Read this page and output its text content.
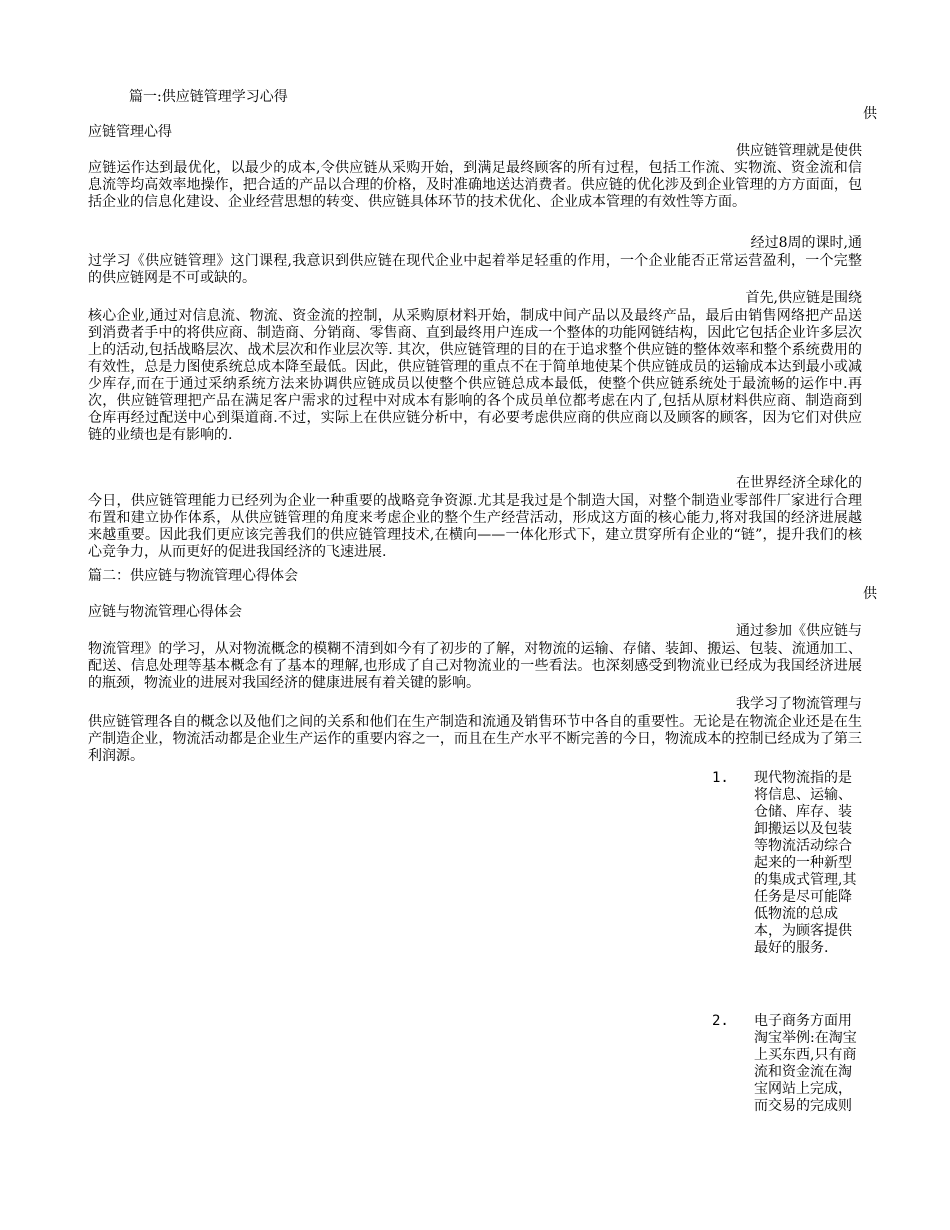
篇一:供应链管理学习心得
供
应链管理心得
供应链管理就是使供
应链运作达到最优化，以最少的成本,令供应链从采购开始，到满足最终顾客的所有过程，包括工作流、实物流、资金流和信息流等均高效率地操作，把合适的产品以合理的价格，及时准确地送达消费者。供应链的优化涉及到企业管理的方方面面，包括企业的信息化建设、企业经营思想的转变、供应链具体环节的技术优化、企业成本管理的有效性等方面。
经过8周的课时,通
过学习《供应链管理》这门课程,我意识到供应链在现代企业中起着举足轻重的作用，一个企业能否正常运营盈利，一个完整的供应链网是不可或缺的。
首先,供应链是围绕
核心企业,通过对信息流、物流、资金流的控制，从采购原材料开始，制成中间产品以及最终产品，最后由销售网络把产品送到消费者手中的将供应商、制造商、分销商、零售商、直到最终用户连成一个整体的功能网链结构，因此它包括企业许多层次上的活动,包括战略层次、战术层次和作业层次等. 其次，供应链管理的目的在于追求整个供应链的整体效率和整个系统费用的有效性，总是力图使系统总成本降至最低。因此，供应链管理的重点不在于简单地使某个供应链成员的运输成本达到最小或减少库存,而在于通过采纳系统方法来协调供应链成员以使整个供应链总成本最低，使整个供应链系统处于最流畅的运作中.再次，供应链管理把产品在满足客户需求的过程中对成本有影响的各个成员单位都考虑在内了,包括从原材料供应商、制造商到仓库再经过配送中心到渠道商.不过，实际上在供应链分析中，有必要考虑供应商的供应商以及顾客的顾客，因为它们对供应链的业绩也是有影响的.
在世界经济全球化的
今日，供应链管理能力已经列为企业一种重要的战略竞争资源.尤其是我过是个制造大国，对整个制造业零部件厂家进行合理布置和建立协作体系，从供应链管理的角度来考虑企业的整个生产经营活动，形成这方面的核心能力,将对我国的经济进展越来越重要。因此我们更应该完善我们的供应链管理技术,在横向——一体化形式下，建立贯穿所有企业的“链”，提升我们的核心竞争力，从而更好的促进我国经济的飞速进展.
篇二：供应链与物流管理心得体会
供
应链与物流管理心得体会
通过参加《供应链与
物流管理》的学习，从对物流概念的模糊不清到如今有了初步的了解，对物流的运输、存储、装卸、搬运、包装、流通加工、配送、信息处理等基本概念有了基本的理解,也形成了自己对物流业的一些看法。也深刻感受到物流业已经成为我国经济进展的瓶颈，物流业的进展对我国经济的健康进展有着关键的影响。
我学习了物流管理与
供应链管理各自的概念以及他们之间的关系和他们在生产制造和流通及销售环节中各自的重要性。无论是在物流企业还是在生产制造企业，物流活动都是企业生产运作的重要内容之一，而且在生产水平不断完善的今日，物流成本的控制已经成为了第三利润源。
1.	现代物流指的是将信息、运输、仓储、库存、装卸搬运以及包装等物流活动综合起来的一种新型的集成式管理,其任务是尽可能降低物流的总成本，为顾客提供最好的服务.
2.	电子商务方面用淘宝举例:在淘宝上买东西,只有商流和资金流在淘宝网站上完成，而交易的完成则
